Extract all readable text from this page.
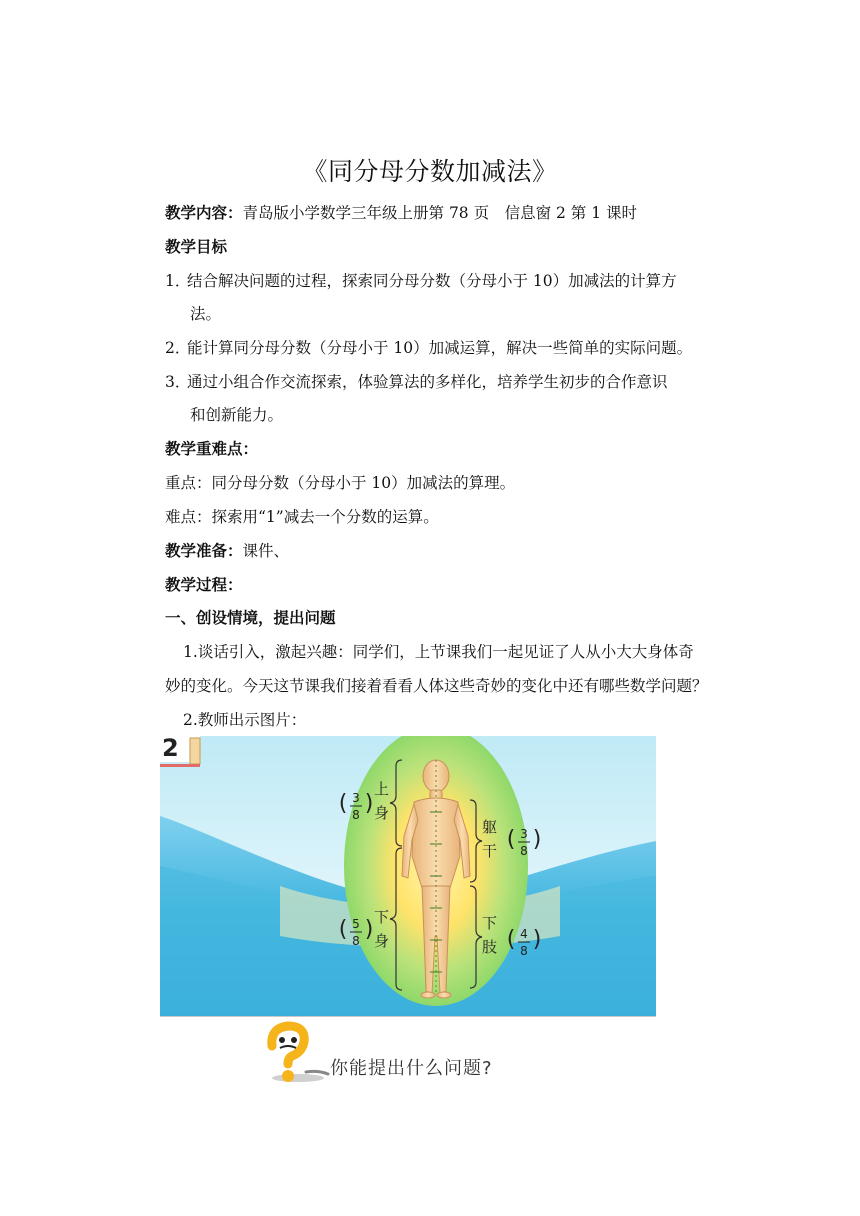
《同分母分数加减法》
教学内容：青岛版小学数学三年级上册第 78 页　信息窗 2 第 1 课时
教学目标
1．结合解决问题的过程，探索同分母分数（分母小于 10）加减法的计算方
法。
2．能计算同分母分数（分母小于 10）加减运算，解决一些简单的实际问题。
3．通过小组合作交流探索，体验算法的多样化，培养学生初步的合作意识
和创新能力。
教学重难点：
重点：同分母分数（分母小于 10）加减法的算理。
难点：探索用“1”减去一个分数的运算。
教学准备：课件、
教学过程：
一、创设情境，提出问题
1.谈话引入，激起兴趣：同学们，上节课我们一起见证了人从小大大身体奇
妙的变化。今天这节课我们接着看看人体这些奇妙的变化中还有哪些数学问题？
2.教师出示图片：
2
上
身
下
身
躯
干
下
肢
( 3
8 )
( 5
8 )
( 3
8 )
( 4
8 )
你能提出什么问题?
